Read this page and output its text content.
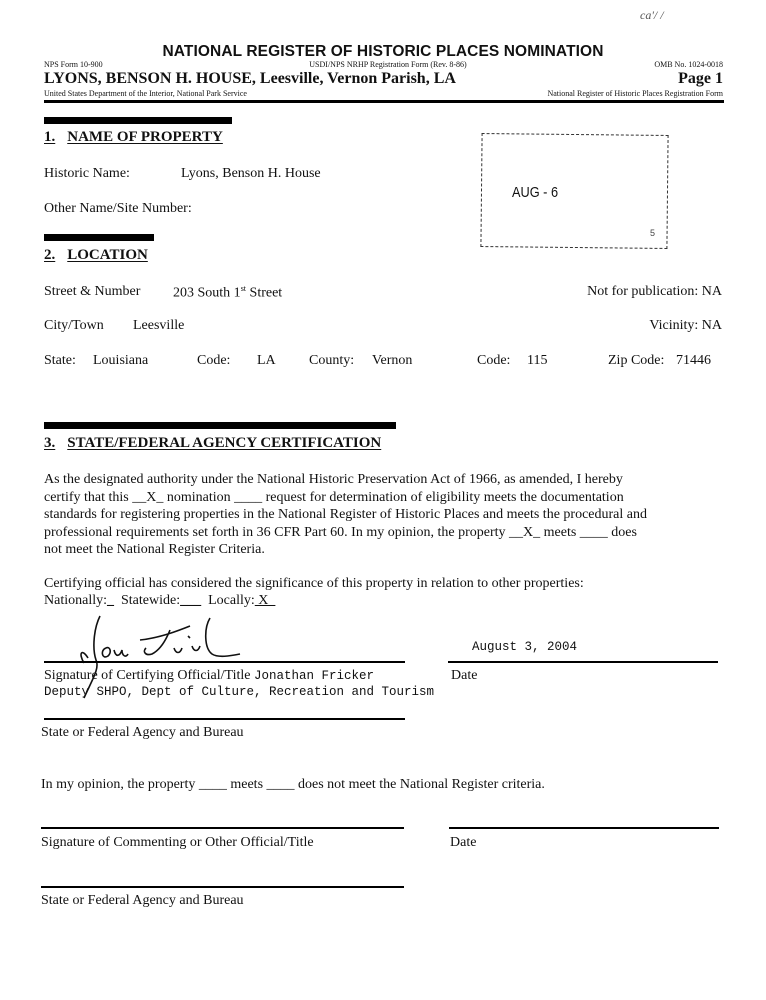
ca'/ /
NATIONAL REGISTER OF HISTORIC PLACES NOMINATION
NPS Form 10-900	USDI/NPS NRHP Registration Form (Rev. 8-86)	OMB No. 1024-0018
LYONS, BENSON H. HOUSE, Leesville, Vernon Parish, LA	Page 1
United States Department of the Interior, National Park Service	National Register of Historic Places Registration Form
AUG - 6
5
1. NAME OF PROPERTY
Historic Name:	Lyons, Benson H. House
Other Name/Site Number:
2. LOCATION
Street & Number 203 South 1st Street	Not for publication: NA
City/Town Leesville	Vicinity: NA
State: Louisiana	Code: LA County: Vernon	Code: 115	Zip Code: 71446
3. STATE/FEDERAL AGENCY CERTIFICATION
As the designated authority under the National Historic Preservation Act of 1966, as amended, I hereby
certify that this __X_ nomination ____ request for determination of eligibility meets the documentation
standards for registering properties in the National Register of Historic Places and meets the procedural and
professional requirements set forth in 36 CFR Part 60. In my opinion, the property __X_ meets ____ does
not meet the National Register Criteria.
Certifying official has considered the significance of this property in relation to other properties:
Nationally:_ Statewide:___ Locally: X
August 3, 2004
Signature of Certifying Official/Title Jonathan Fricker
Deputy SHPO, Dept of Culture, Recreation and Tourism
Date
State or Federal Agency and Bureau
In my opinion, the property ____ meets ____ does not meet the National Register criteria.
Signature of Commenting or Other Official/Title	Date
State or Federal Agency and Bureau
